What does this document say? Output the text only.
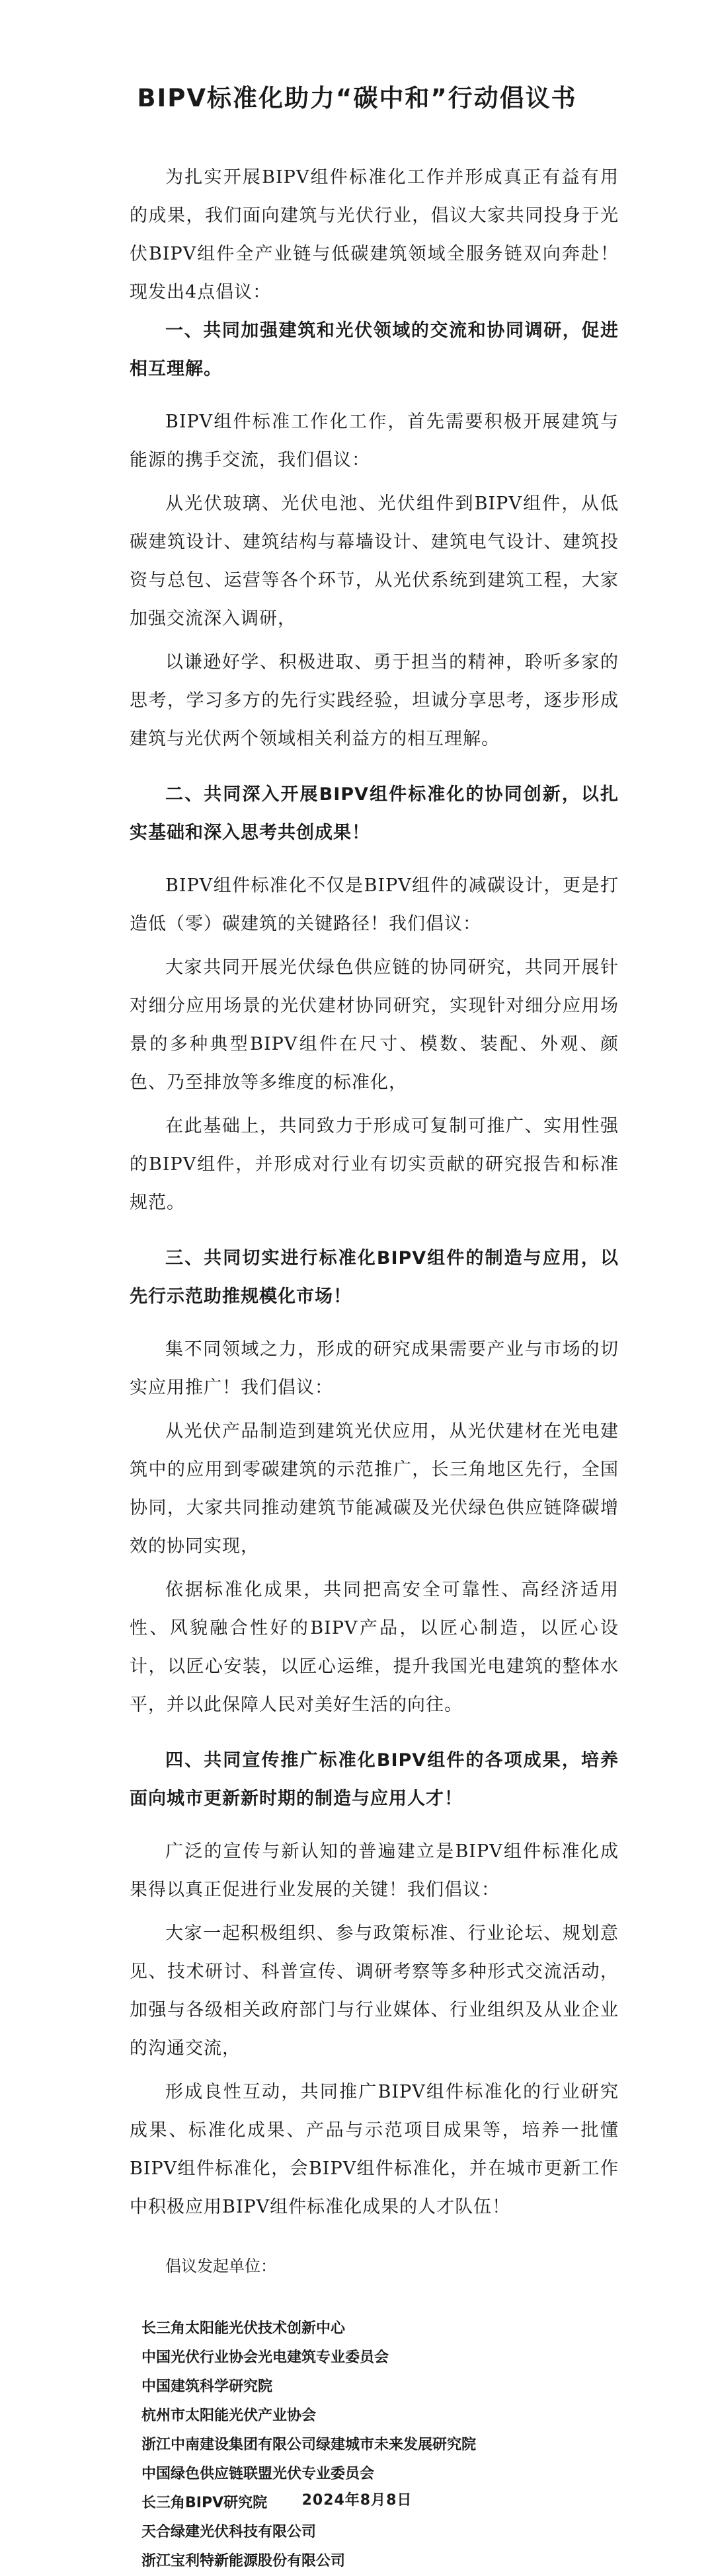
BIPV标准化助力“碳中和”行动倡议书

为扎实开展BIPV组件标准化工作并形成真正有益有用的成果，我们面向建筑与光伏行业，倡议大家共同投身于光伏BIPV组件全产业链与低碳建筑领域全服务链双向奔赴！ 现发出4点倡议：

一、共同加强建筑和光伏领域的交流和协同调研，促进相互理解。

BIPV组件标准工作化工作，首先需要积极开展建筑与能源的携手交流，我们倡议：

从光伏玻璃、光伏电池、光伏组件到BIPV组件，从低碳建筑设计、建筑结构与幕墙设计、建筑电气设计、建筑投资与总包、运营等各个环节，从光伏系统到建筑工程，大家加强交流深入调研，

以谦逊好学、积极进取、勇于担当的精神，聆听多家的思考，学习多方的先行实践经验，坦诚分享思考，逐步形成建筑与光伏两个领域相关利益方的相互理解。

二、共同深入开展BIPV组件标准化的协同创新，以扎实基础和深入思考共创成果！

BIPV组件标准化不仅是BIPV组件的减碳设计，更是打造低（零）碳建筑的关键路径！我们倡议：

大家共同开展光伏绿色供应链的协同研究，共同开展针对细分应用场景的光伏建材协同研究，实现针对细分应用场景的多种典型BIPV组件在尺寸、模数、装配、外观、颜色、乃至排放等多维度的标准化，

在此基础上，共同致力于形成可复制可推广、实用性强的BIPV组件，并形成对行业有切实贡献的研究报告和标准规范。

三、共同切实进行标准化BIPV组件的制造与应用，以先行示范助推规模化市场！

集不同领域之力，形成的研究成果需要产业与市场的切实应用推广！我们倡议：

从光伏产品制造到建筑光伏应用，从光伏建材在光电建筑中的应用到零碳建筑的示范推广，长三角地区先行，全国协同，大家共同推动建筑节能减碳及光伏绿色供应链降碳增效的协同实现，

依据标准化成果，共同把高安全可靠性、高经济适用性、风貌融合性好的BIPV产品，以匠心制造，以匠心设计，以匠心安装，以匠心运维，提升我国光电建筑的整体水平，并以此保障人民对美好生活的向往。

四、共同宣传推广标准化BIPV组件的各项成果，培养面向城市更新新时期的制造与应用人才！

广泛的宣传与新认知的普遍建立是BIPV组件标准化成果得以真正促进行业发展的关键！我们倡议：

大家一起积极组织、参与政策标准、行业论坛、规划意见、技术研讨、科普宣传、调研考察等多种形式交流活动，加强与各级相关政府部门与行业媒体、行业组织及从业企业的沟通交流，

形成良性互动，共同推广BIPV组件标准化的行业研究成果、标准化成果、产品与示范项目成果等，培养一批懂BIPV组件标准化，会BIPV组件标准化，并在城市更新工作中积极应用BIPV组件标准化成果的人才队伍！

倡议发起单位：
长三角太阳能光伏技术创新中心
中国光伏行业协会光电建筑专业委员会
中国建筑科学研究院
杭州市太阳能光伏产业协会
浙江中南建设集团有限公司绿建城市未来发展研究院
中国绿色供应链联盟光伏专业委员会
长三角BIPV研究院
天合绿建光伏科技有限公司
浙江宝利特新能源股份有限公司
2024年8月8日
